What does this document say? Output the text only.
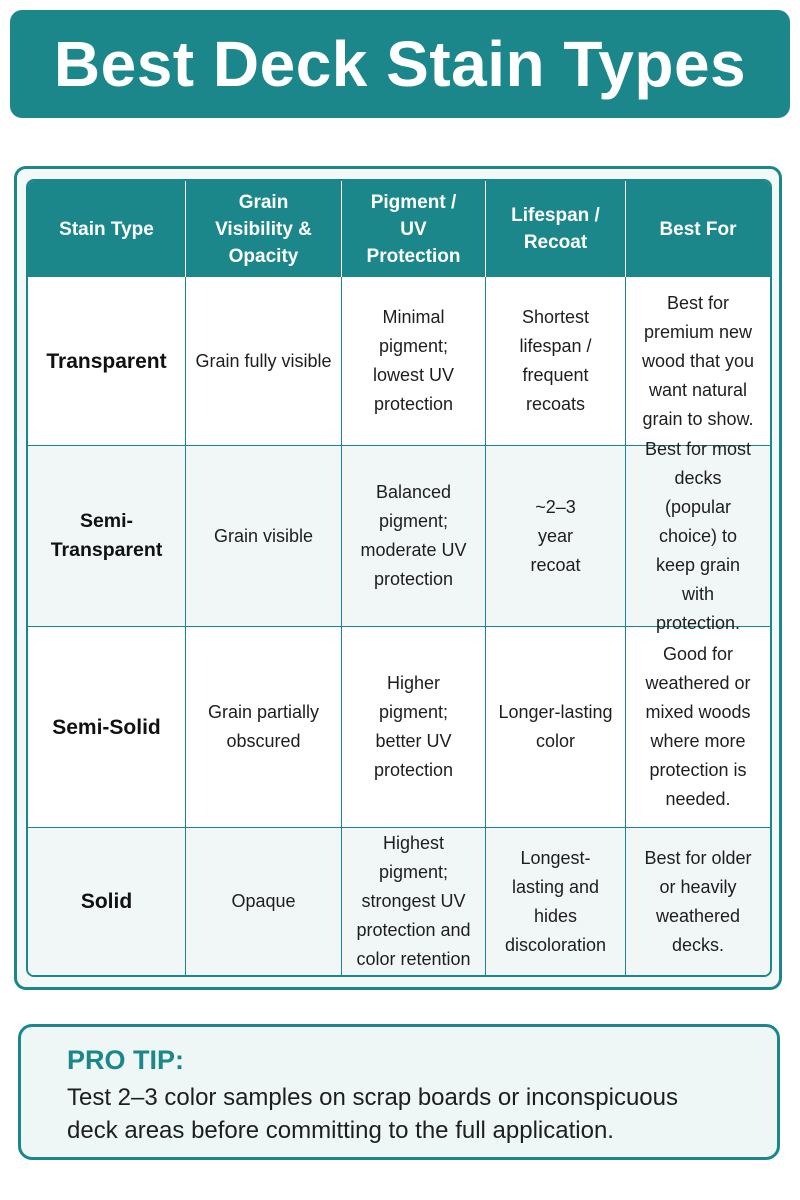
Best Deck Stain Types
Stain Type
Grain Visibility & Opacity
Pigment / UV Protection
Lifespan / Recoat
Best For
Transparent	Grain fully visible
Minimal pigment; lowest UV protection
Shortest lifespan / frequent recoats
Best for premium new wood that you want natural grain to show.
Semi-Transparent
Grain visible
Balanced pigment; moderate UV protection
~2–3 year recoat
Best for most decks (popular choice) to keep grain with protection.
Semi-Solid
Grain partially obscured
Higher pigment; better UV protection
Longer-lasting color
Good for weathered or mixed woods where more protection is needed.
Solid	Opaque
Highest pigment; strongest UV protection and color retention
Longest-lasting and hides discoloration
Best for older or heavily weathered decks.
PRO TIP:
Test 2–3 color samples on scrap boards or inconspicuous deck areas before committing to the full application.
